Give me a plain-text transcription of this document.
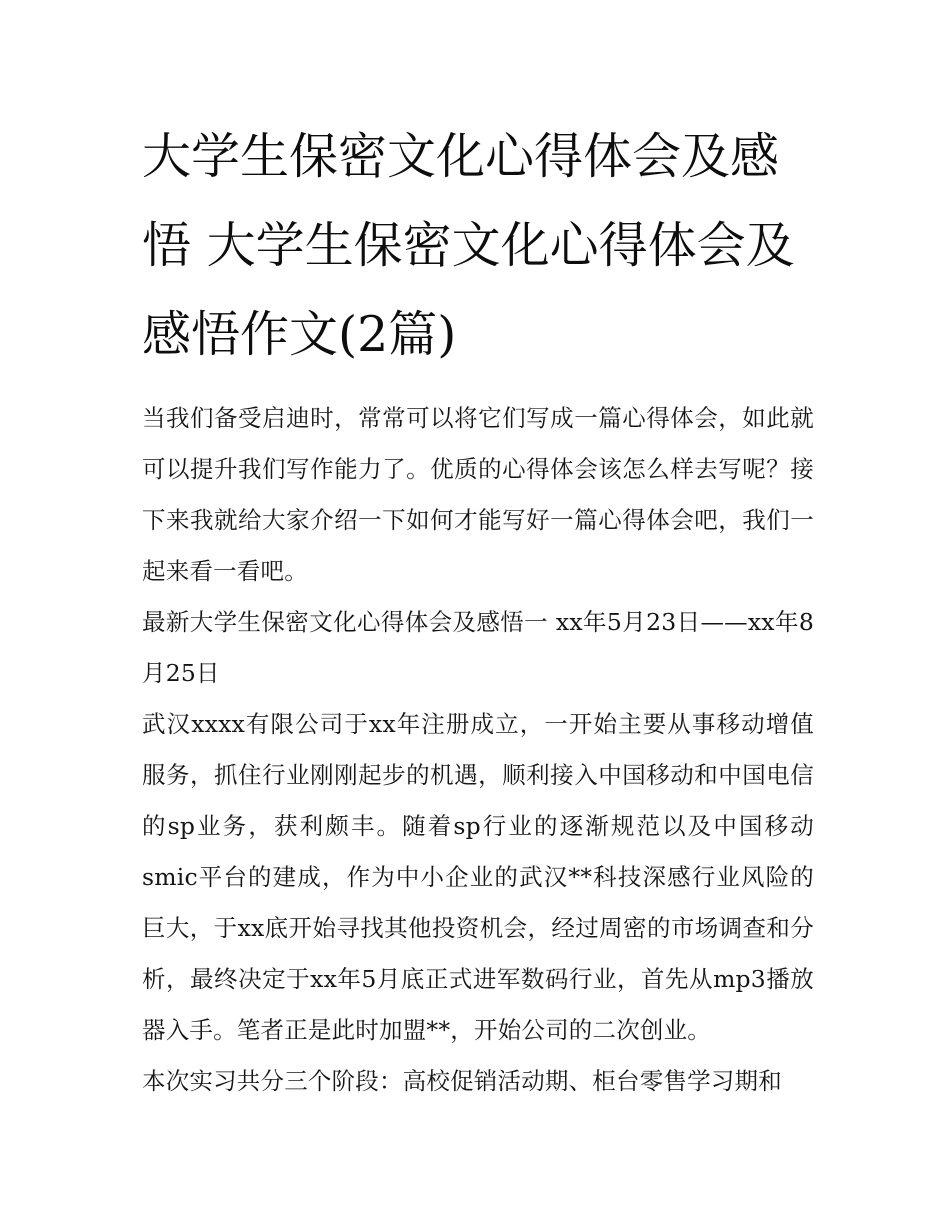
大学生保密文化心得体会及感悟 大学生保密文化心得体会及感悟作文(2篇)

当我们备受启迪时，常常可以将它们写成一篇心得体会，如此就可以提升我们写作能力了。优质的心得体会该怎么样去写呢？接下来我就给大家介绍一下如何才能写好一篇心得体会吧，我们一起来看一看吧。

最新大学生保密文化心得体会及感悟一 xx年5月23日——xx年8月25日

武汉xxxx有限公司于xx年注册成立，一开始主要从事移动增值服务，抓住行业刚刚起步的机遇，顺利接入中国移动和中国电信的sp业务，获利颇丰。随着sp行业的逐渐规范以及中国移动smic平台的建成，作为中小企业的武汉**科技深感行业风险的巨大，于xx底开始寻找其他投资机会，经过周密的市场调查和分析，最终决定于xx年5月底正式进军数码行业，首先从mp3播放器入手。笔者正是此时加盟**，开始公司的二次创业。

本次实习共分三个阶段：高校促销活动期、柜台零售学习期和
